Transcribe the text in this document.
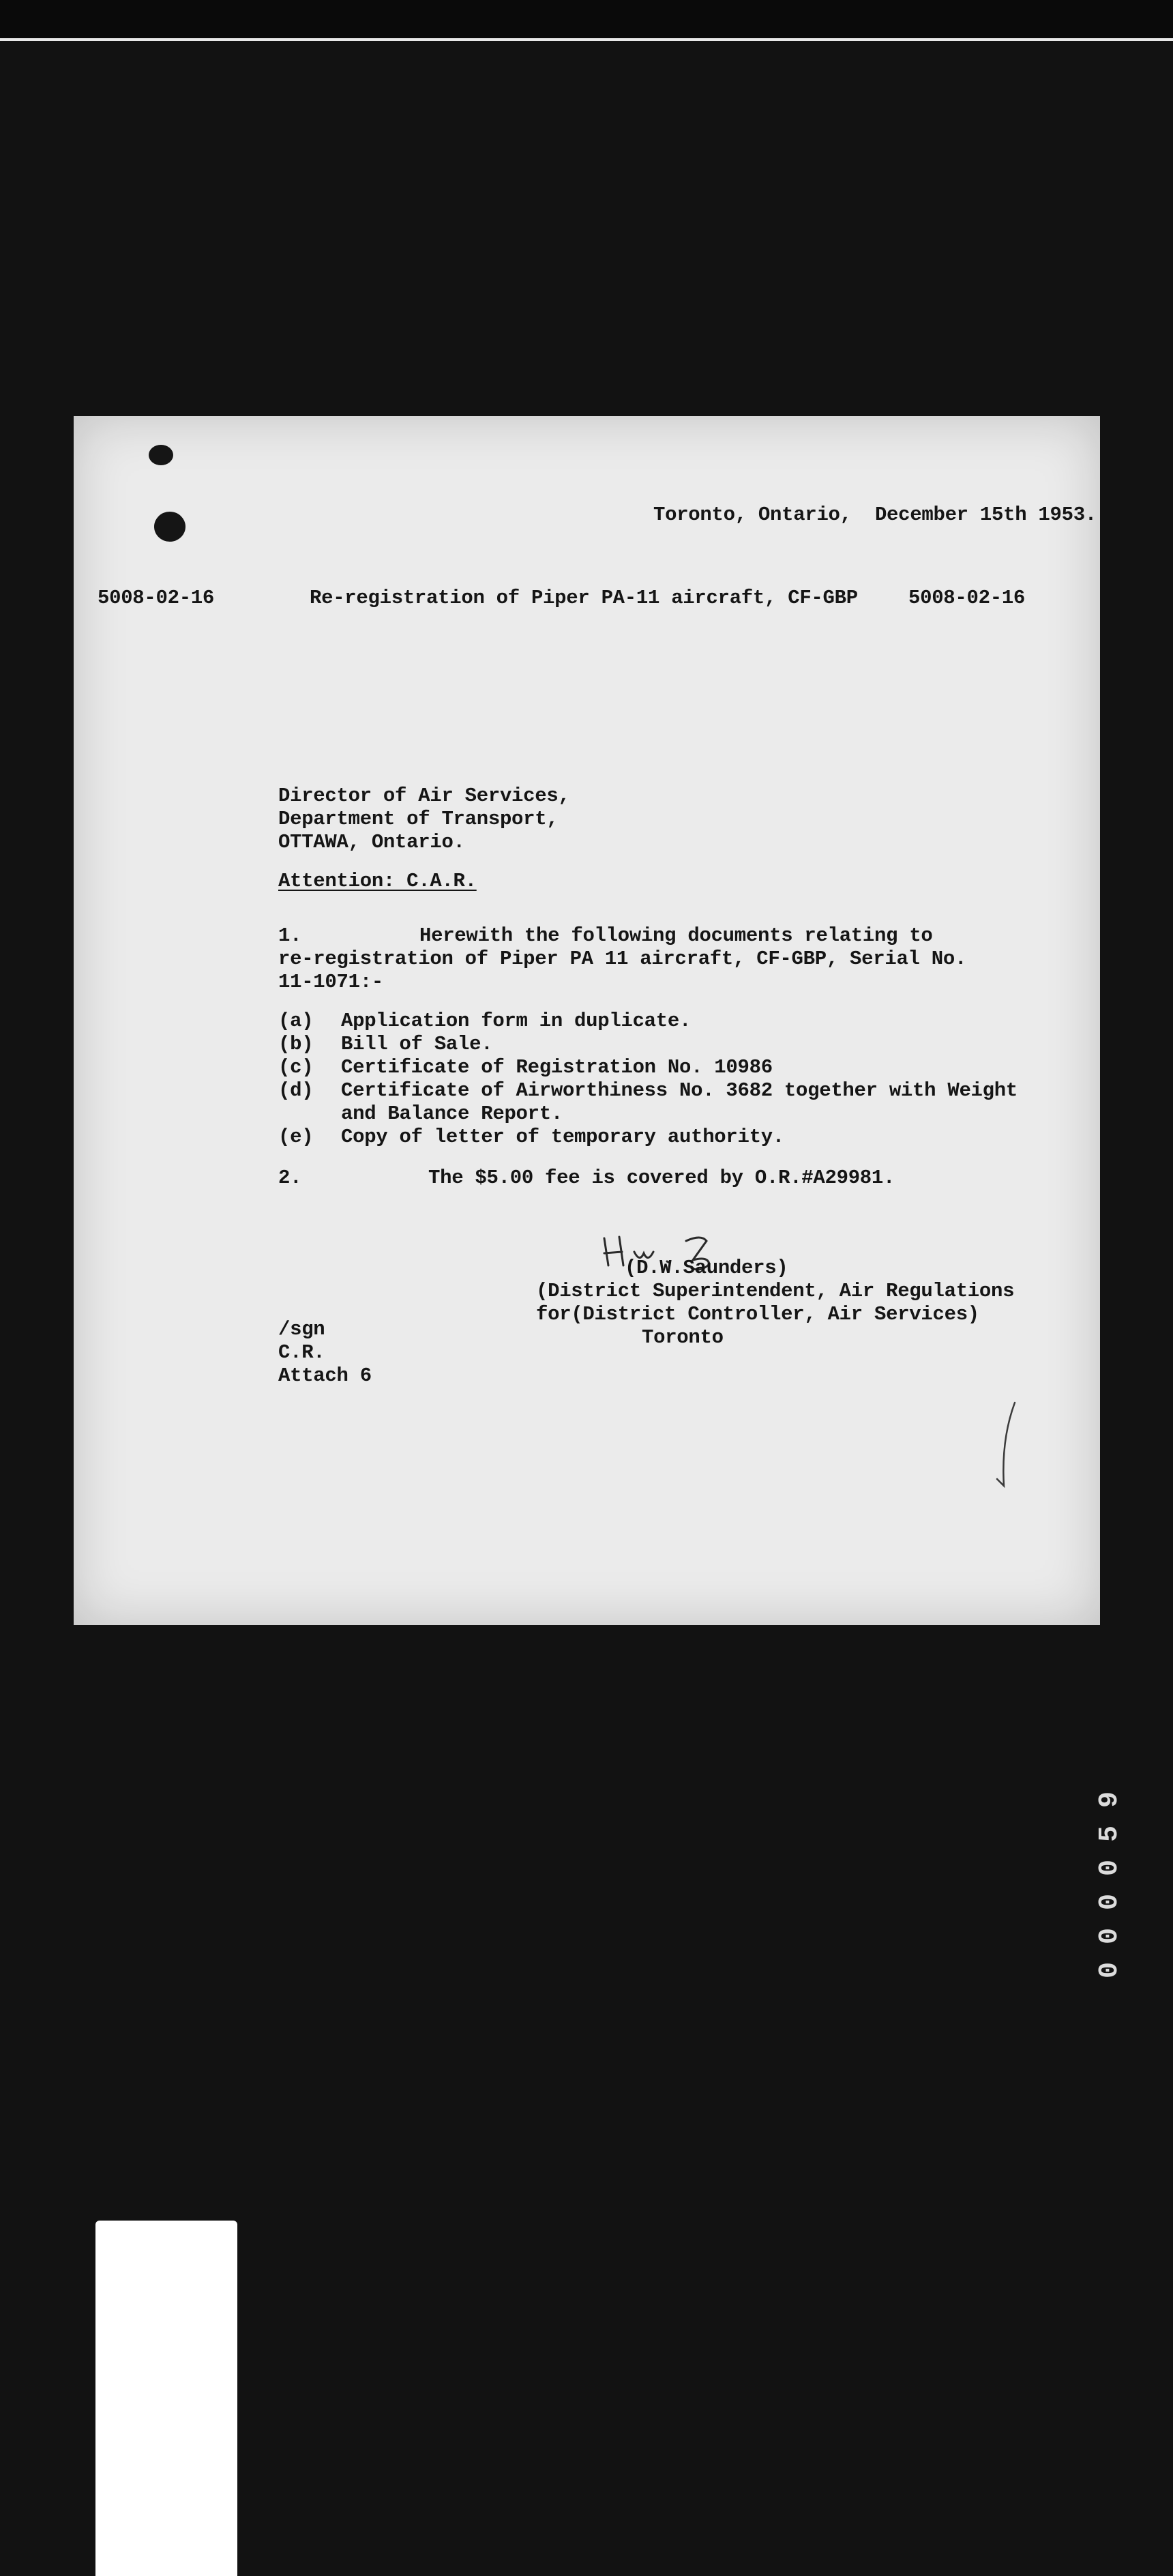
Toronto, Ontario,  December 15th 1953.
5008-02-16	Re-registration of Piper PA-11 aircraft, CF-GBP	5008-02-16
Director of Air Services,
Department of Transport,
OTTAWA, Ontario.
Attention: C.A.R.
1.	Herewith the following documents relating to
re-registration of Piper PA 11 aircraft, CF-GBP, Serial No.
11-1071:-
(a) Application form in duplicate.
(b) Bill of Sale.
(c) Certificate of Registration No. 10986
(d) Certificate of Airworthiness No. 3682 together with Weight
and Balance Report.
(e) Copy of letter of temporary authority.
2.	The $5.00 fee is covered by O.R.#A29981.
(D.W.Saunders)
(District Superintendent, Air Regulations
for(District Controller, Air Services)
Toronto
/sgn
C.R.
Attach 6
000059
